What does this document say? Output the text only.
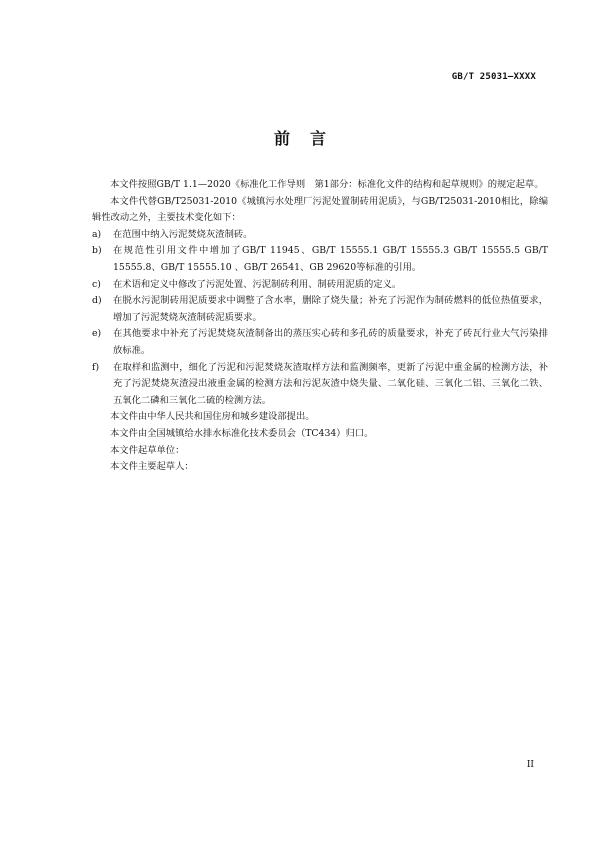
GB/T 25031—XXXX
前言

本文件按照GB/T 1.1—2020《标准化工作导则　第1部分：标准化文件的结构和起草规则》的规定起草。

本文件代替GB/T25031-2010《城镇污水处理厂污泥处置制砖用泥质》，与GB/T25031-2010相比，除编辑性改动之外，主要技术变化如下：

a)	在范围中纳入污泥焚烧灰渣制砖。
b)	在规范性引用文件中增加了GB/T 11945、GB/T 15555.1 GB/T 15555.3 GB/T 15555.5 GB/T 15555.8、GB/T 15555.10 、GB/T 26541、GB 29620等标准的引用。
c)	在术语和定义中修改了污泥处置、污泥制砖利用、制砖用泥质的定义。
d)	在脱水污泥制砖用泥质要求中调整了含水率，删除了烧失量；补充了污泥作为制砖燃料的低位热值要求，增加了污泥焚烧灰渣制砖泥质要求。
e)	在其他要求中补充了污泥焚烧灰渣制备出的蒸压实心砖和多孔砖的质量要求，补充了砖瓦行业大气污染排放标准。
f)	在取样和监测中，细化了污泥和污泥焚烧灰渣取样方法和监测频率，更新了污泥中重金属的检测方法，补充了污泥焚烧灰渣浸出液重金属的检测方法和污泥灰渣中烧失量、二氧化硅、三氧化二铝、三氧化二铁、五氧化二磷和三氧化二硫的检测方法。

本文件由中华人民共和国住房和城乡建设部提出。

本文件由全国城镇给水排水标准化技术委员会（TC434）归口。

本文件起草单位：

本文件主要起草人：

II
